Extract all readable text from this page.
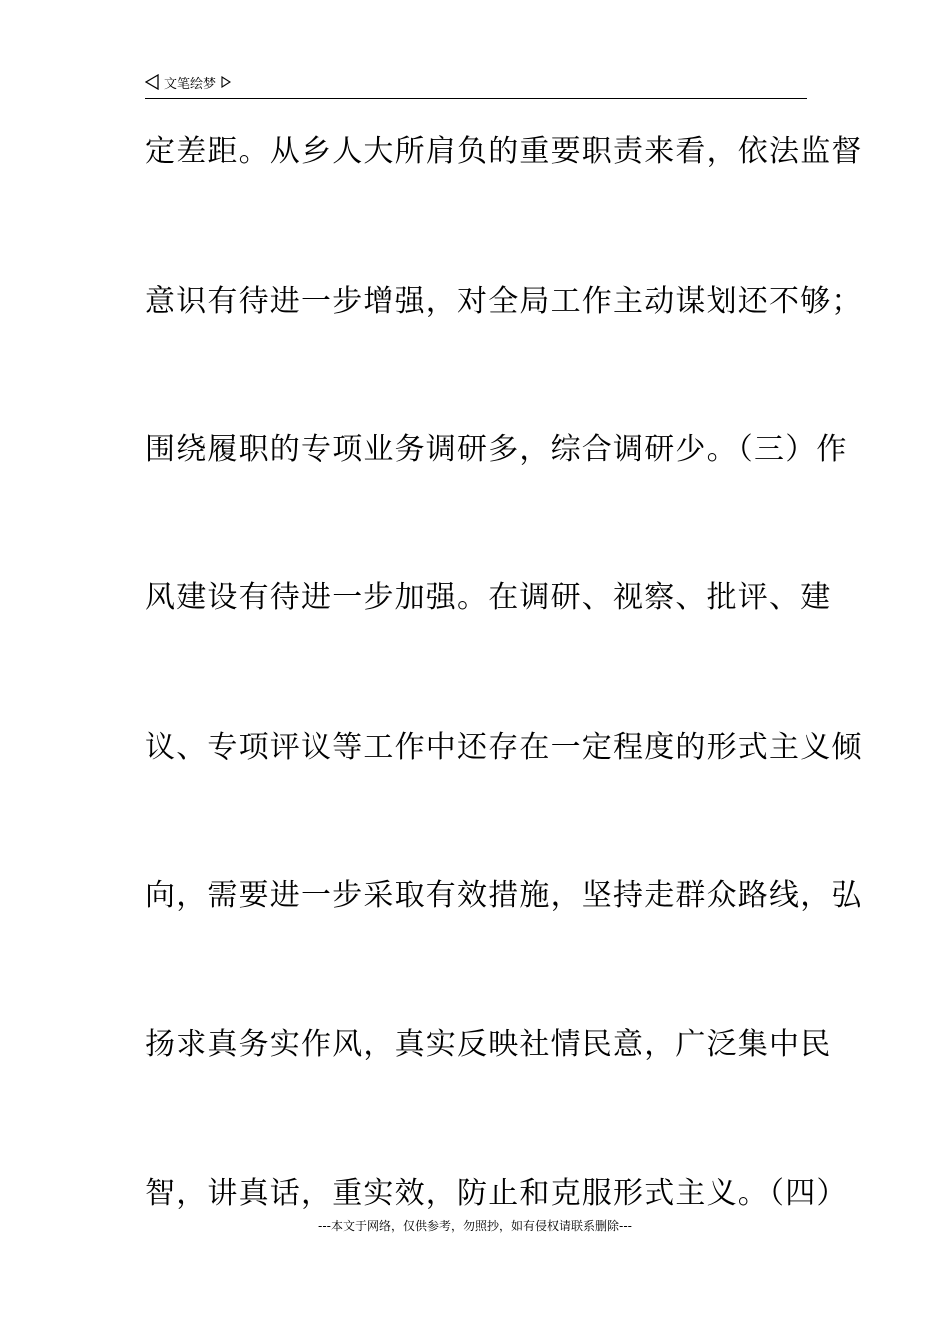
文笔绘梦
定差距。从乡人大所肩负的重要职责来看，依法监督
意识有待进一步增强，对全局工作主动谋划还不够；
围绕履职的专项业务调研多，综合调研少。（三）作
风建设有待进一步加强。在调研、视察、批评、建
议、专项评议等工作中还存在一定程度的形式主义倾
向，需要进一步采取有效措施，坚持走群众路线，弘
扬求真务实作风，真实反映社情民意，广泛集中民
智，讲真话，重实效，防止和克服形式主义。（四）
---本文于网络，仅供参考，勿照抄，如有侵权请联系删除---
